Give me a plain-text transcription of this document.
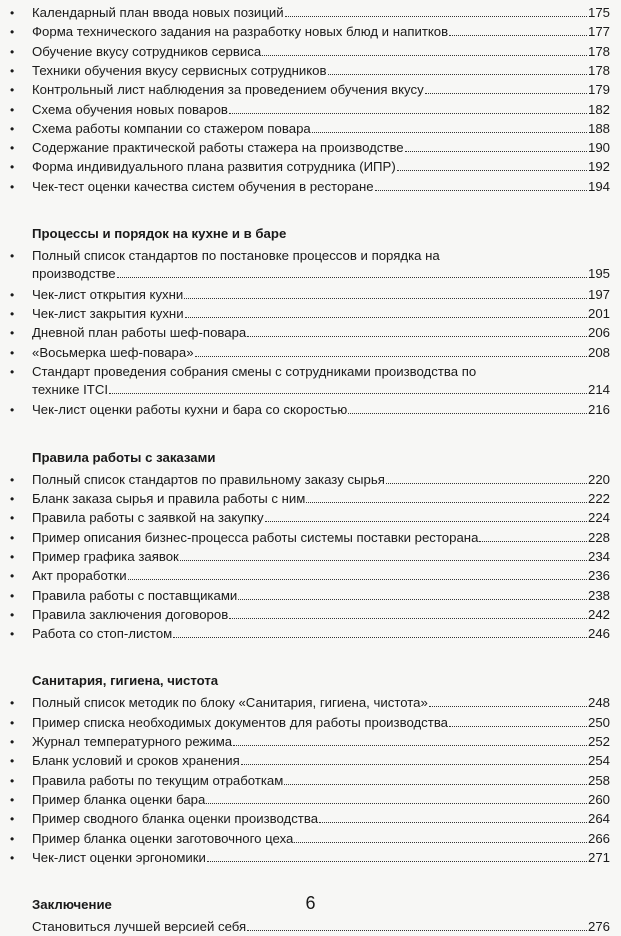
• Календарный план ввода новых позиций	175
• Форма технического задания на разработку новых блюд и напитков	177
• Обучение вкусу сотрудников сервиса	178
• Техники обучения вкусу сервисных сотрудников	178
• Контрольный лист наблюдения за проведением обучения вкусу	179
• Схема обучения новых поваров	182
• Схема работы компании со стажером повара	188
• Содержание практической работы стажера на производстве	190
• Форма индивидуального плана развития сотрудника (ИПР)	192
• Чек-тест оценки качества систем обучения в ресторане	194
Процессы и порядок на кухне и в баре
• Полный список стандартов по постановке процессов и порядка на
производстве	195
• Чек-лист открытия кухни	197
• Чек-лист закрытия кухни	201
• Дневной план работы шеф-повара	206
• «Восьмерка шеф-повара»	208
• Стандарт проведения собрания смены с сотрудниками производства по
технике ITCI	214
• Чек-лист оценки работы кухни и бара со скоростью	216
Правила работы с заказами
• Полный список стандартов по правильному заказу сырья	220
• Бланк заказа сырья и правила работы с ним	222
• Правила работы с заявкой на закупку	224
• Пример описания бизнес-процесса работы системы поставки ресторана	228
• Пример графика заявок	234
• Акт проработки	236
• Правила работы с поставщиками	238
• Правила заключения договоров	242
• Работа со стоп-листом	246
Санитария, гигиена, чистота
• Полный список методик по блоку «Санитария, гигиена, чистота»	248
• Пример списка необходимых документов для работы производства	250
• Журнал температурного режима	252
• Бланк условий и сроков хранения	254
• Правила работы по текущим отработкам	258
• Пример бланка оценки бара	260
• Пример сводного бланка оценки производства	264
• Пример бланка оценки заготовочного цеха	266
• Чек-лист оценки эргономики	271
Заключение
Становиться лучшей версией себя	276
6
